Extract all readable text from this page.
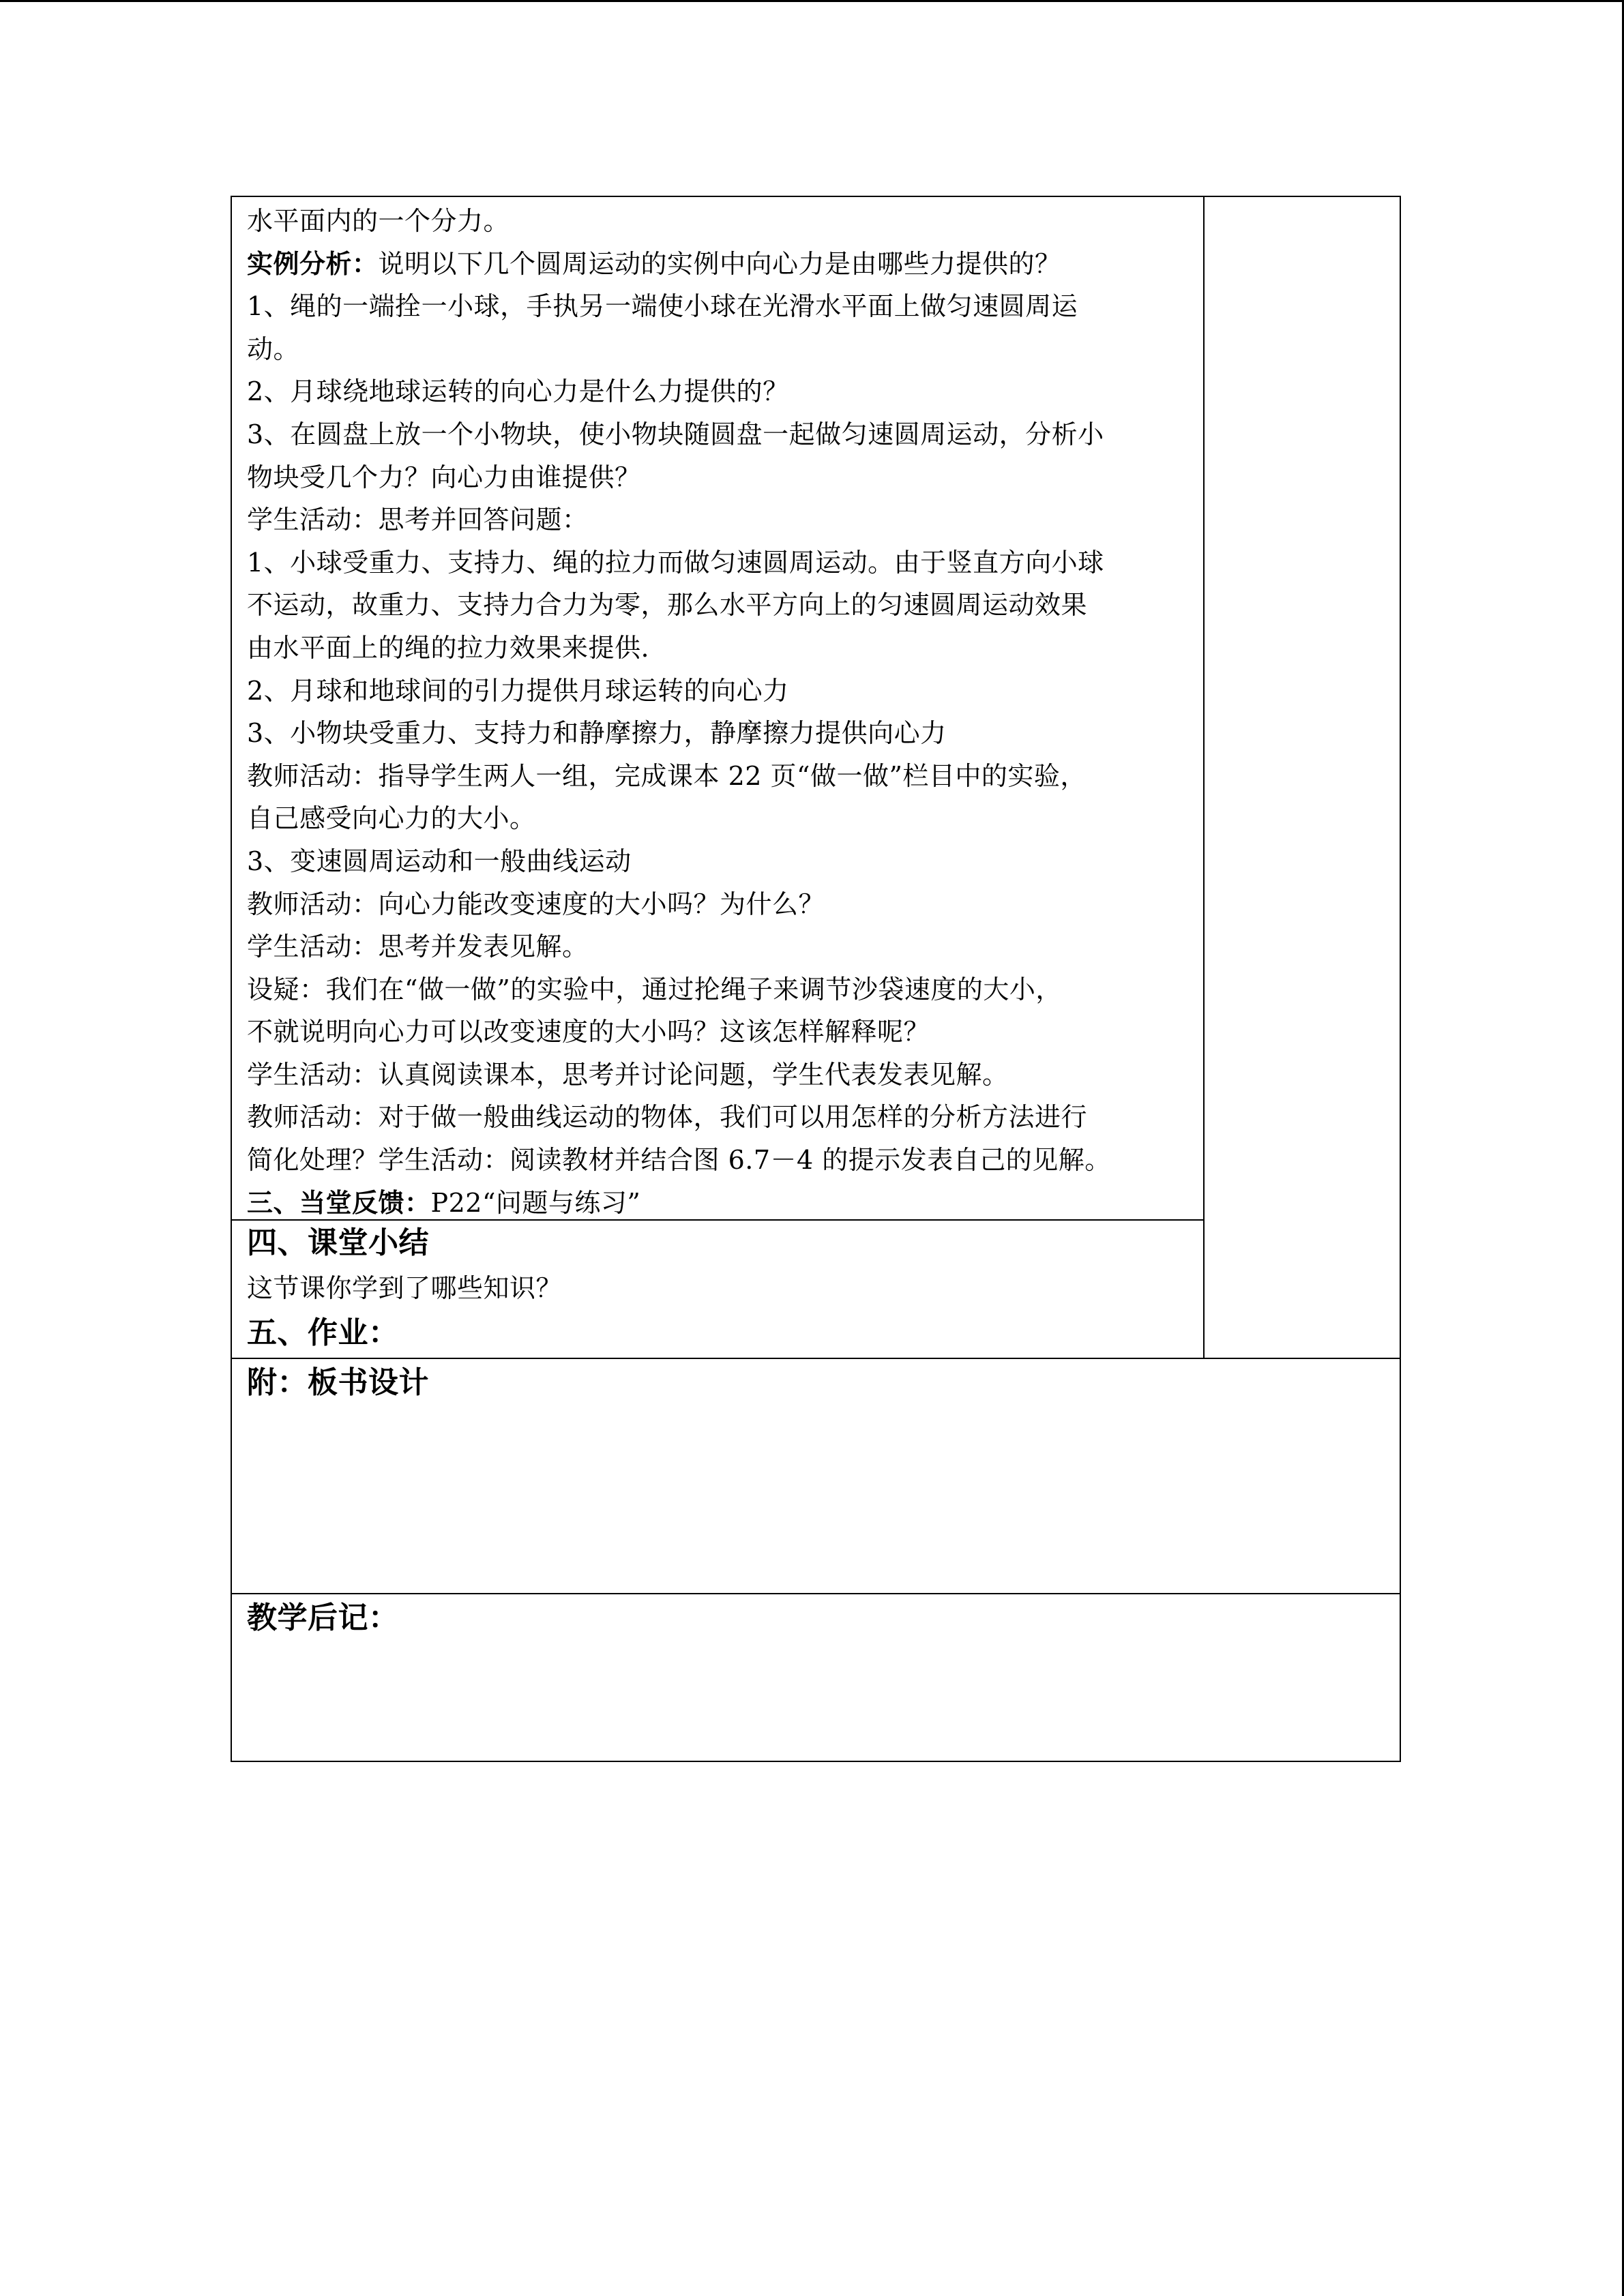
水平面内的一个分力。
实例分析：说明以下几个圆周运动的实例中向心力是由哪些力提供的？
1、绳的一端拴一小球，手执另一端使小球在光滑水平面上做匀速圆周运
动。
2、月球绕地球运转的向心力是什么力提供的？
3、在圆盘上放一个小物块，使小物块随圆盘一起做匀速圆周运动，分析小
物块受几个力？向心力由谁提供？
学生活动：思考并回答问题：
1、小球受重力、支持力、绳的拉力而做匀速圆周运动。由于竖直方向小球
不运动，故重力、支持力合力为零，那么水平方向上的匀速圆周运动效果
由水平面上的绳的拉力效果来提供.
2、月球和地球间的引力提供月球运转的向心力
3、小物块受重力、支持力和静摩擦力，静摩擦力提供向心力
教师活动：指导学生两人一组，完成课本 22 页“做一做”栏目中的实验，
自己感受向心力的大小。
3、变速圆周运动和一般曲线运动
教师活动：向心力能改变速度的大小吗？为什么？
学生活动：思考并发表见解。
设疑：我们在“做一做”的实验中，通过抡绳子来调节沙袋速度的大小，
不就说明向心力可以改变速度的大小吗？这该怎样解释呢？
学生活动：认真阅读课本，思考并讨论问题，学生代表发表见解。
教师活动：对于做一般曲线运动的物体，我们可以用怎样的分析方法进行
简化处理？学生活动：阅读教材并结合图 6.7－4 的提示发表自己的见解。
三、当堂反馈：P22“问题与练习”
四、课堂小结
这节课你学到了哪些知识？
五、作业：
附：板书设计
教学后记：
